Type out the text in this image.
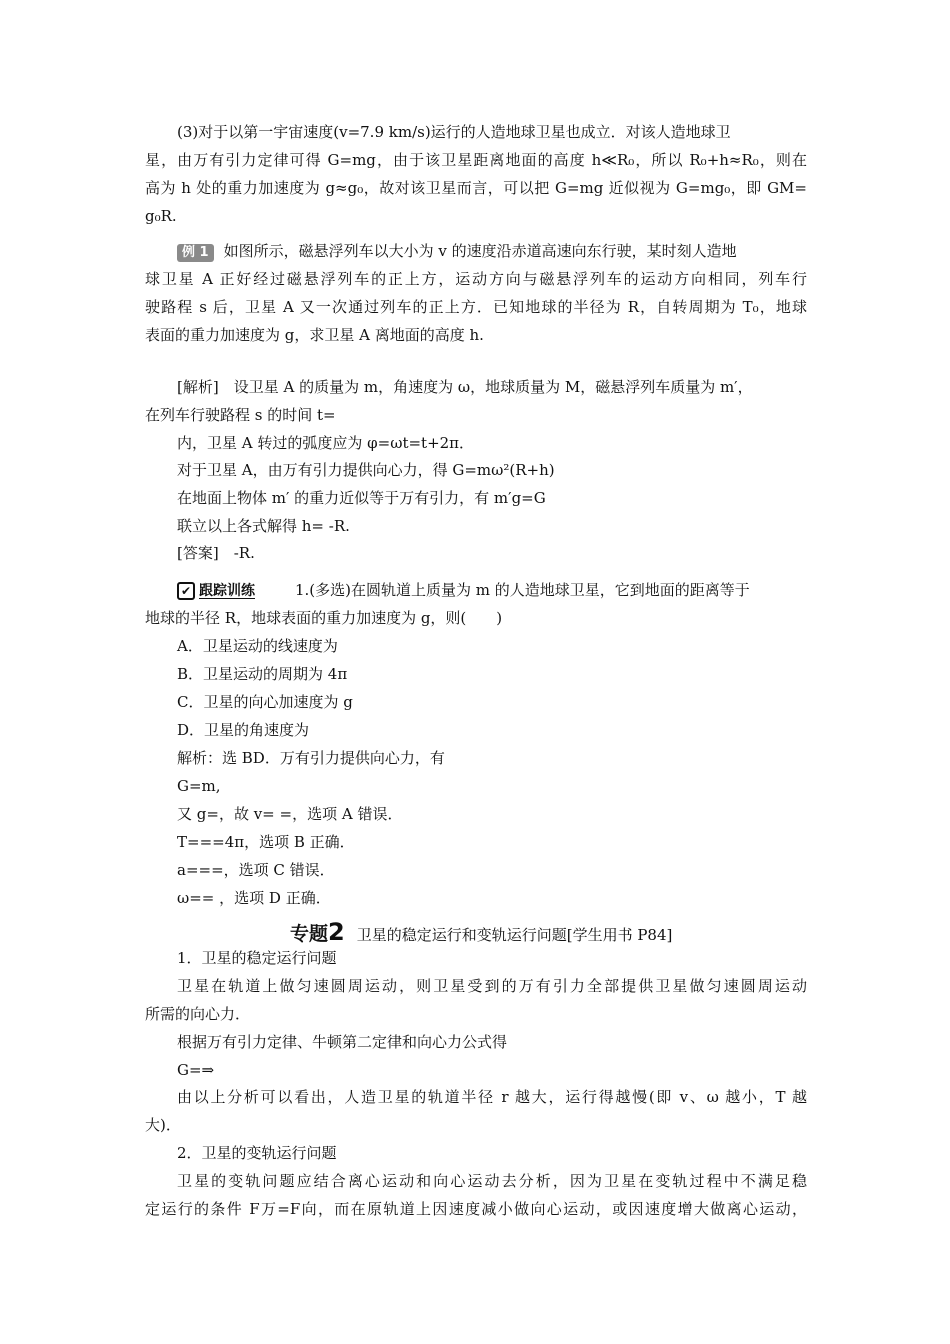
(3)对于以第一宇宙速度(v=7.9 km/s)运行的人造地球卫星也成立．对该人造地球卫
星，由万有引力定律可得 G=mg，由于该卫星距离地面的高度 h≪R₀，所以 R₀+h≈R₀，则在
高为 h 处的重力加速度为 g≈g₀，故对该卫星而言，可以把 G=mg 近似视为 G=mg₀，即 GM=
g₀R.
例 1 如图所示，磁悬浮列车以大小为 v 的速度沿赤道高速向东行驶，某时刻人造地
球卫星 A 正好经过磁悬浮列车的正上方，运动方向与磁悬浮列车的运动方向相同，列车行
驶路程 s 后，卫星 A 又一次通过列车的正上方．已知地球的半径为 R，自转周期为 T₀，地球
表面的重力加速度为 g，求卫星 A 离地面的高度 h.
[解析]　设卫星 A 的质量为 m，角速度为 ω，地球质量为 M，磁悬浮列车质量为 m′，
在列车行驶路程 s 的时间 t=
内，卫星 A 转过的弧度应为 φ=ωt=t+2π．
对于卫星 A，由万有引力提供向心力，得 G=mω²(R+h)
在地面上物体 m′ 的重力近似等于万有引力，有 m′g=G
联立以上各式解得 h= -R.
[答案]　-R.
✔ 跟踪训练	1.(多选)在圆轨道上质量为 m 的人造地球卫星，它到地面的距离等于
地球的半径 R，地球表面的重力加速度为 g，则(　　)
A．卫星运动的线速度为
B．卫星运动的周期为 4π
C．卫星的向心加速度为 g
D．卫星的角速度为
解析：选 BD．万有引力提供向心力，有
G=m,
又 g=，故 v= =，选项 A 错误．
T===4π，选项 B 正确．
a===，选项 C 错误．
ω== ，选项 D 正确．
专题2 卫星的稳定运行和变轨运行问题[学生用书 P84]
1．卫星的稳定运行问题
卫星在轨道上做匀速圆周运动，则卫星受到的万有引力全部提供卫星做匀速圆周运动
所需的向心力．
根据万有引力定律、牛顿第二定律和向心力公式得
G=⇒
由以上分析可以看出，人造卫星的轨道半径 r 越大，运行得越慢(即 v、ω 越小，T 越
大)．
2．卫星的变轨运行问题
卫星的变轨问题应结合离心运动和向心运动去分析，因为卫星在变轨过程中不满足稳
定运行的条件 F万=F向，而在原轨道上因速度减小做向心运动，或因速度增大做离心运动，
